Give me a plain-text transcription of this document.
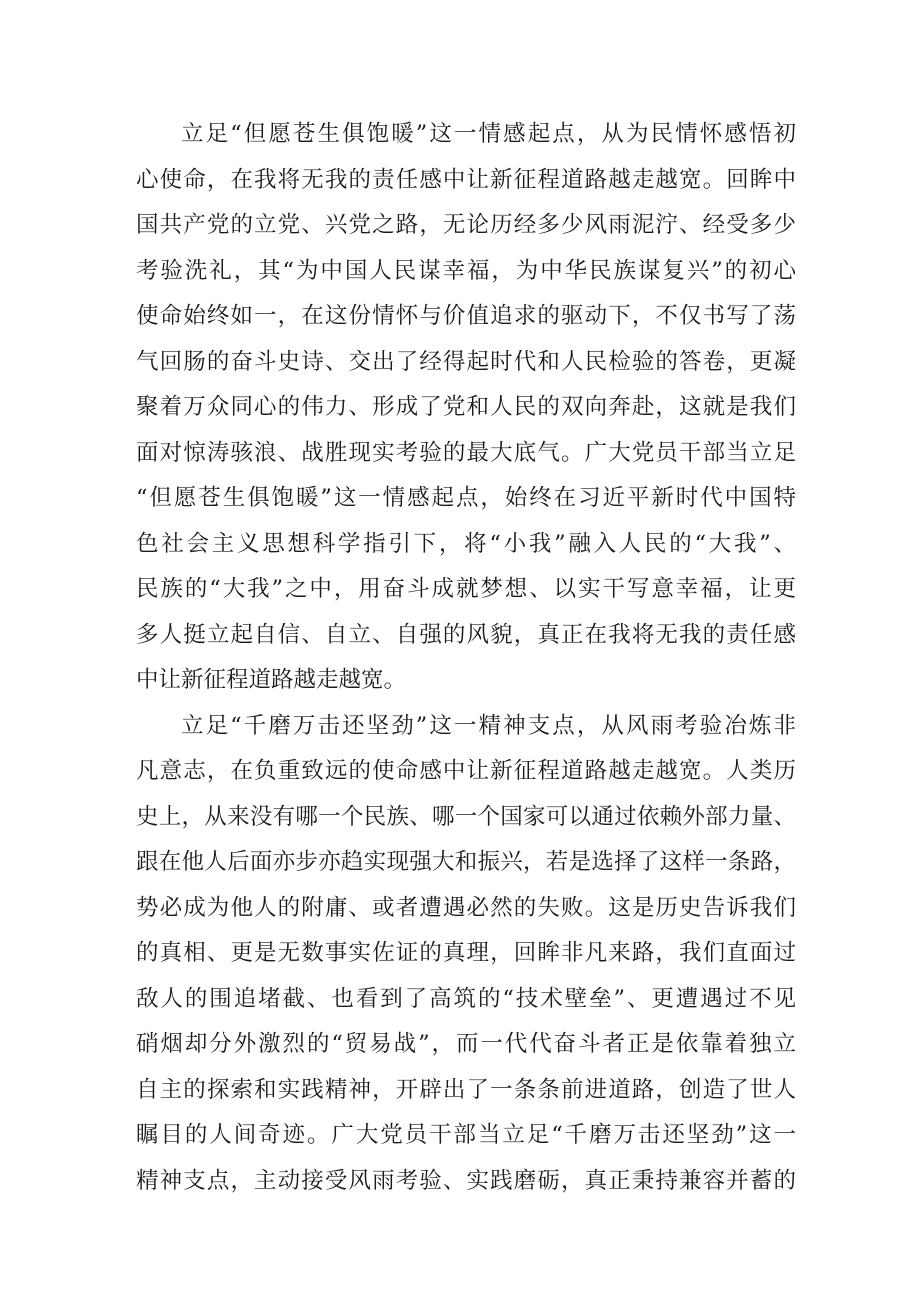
立足“但愿苍生俱饱暖”这一情感起点，从为民情怀感悟初
心使命，在我将无我的责任感中让新征程道路越走越宽。回眸中
国共产党的立党、兴党之路，无论历经多少风雨泥泞、经受多少
考验洗礼，其“为中国人民谋幸福，为中华民族谋复兴”的初心
使命始终如一，在这份情怀与价值追求的驱动下，不仅书写了荡
气回肠的奋斗史诗、交出了经得起时代和人民检验的答卷，更凝
聚着万众同心的伟力、形成了党和人民的双向奔赴，这就是我们
面对惊涛骇浪、战胜现实考验的最大底气。广大党员干部当立足
“但愿苍生俱饱暖”这一情感起点，始终在习近平新时代中国特
色社会主义思想科学指引下，将“小我”融入人民的“大我”、
民族的“大我”之中，用奋斗成就梦想、以实干写意幸福，让更
多人挺立起自信、自立、自强的风貌，真正在我将无我的责任感
中让新征程道路越走越宽。
立足“千磨万击还坚劲”这一精神支点，从风雨考验冶炼非
凡意志，在负重致远的使命感中让新征程道路越走越宽。人类历
史上，从来没有哪一个民族、哪一个国家可以通过依赖外部力量、
跟在他人后面亦步亦趋实现强大和振兴，若是选择了这样一条路，
势必成为他人的附庸、或者遭遇必然的失败。这是历史告诉我们
的真相、更是无数事实佐证的真理，回眸非凡来路，我们直面过
敌人的围追堵截、也看到了高筑的“技术壁垒”、更遭遇过不见
硝烟却分外激烈的“贸易战”，而一代代奋斗者正是依靠着独立
自主的探索和实践精神，开辟出了一条条前进道路，创造了世人
瞩目的人间奇迹。广大党员干部当立足“千磨万击还坚劲”这一
精神支点，主动接受风雨考验、实践磨砺，真正秉持兼容并蓄的
